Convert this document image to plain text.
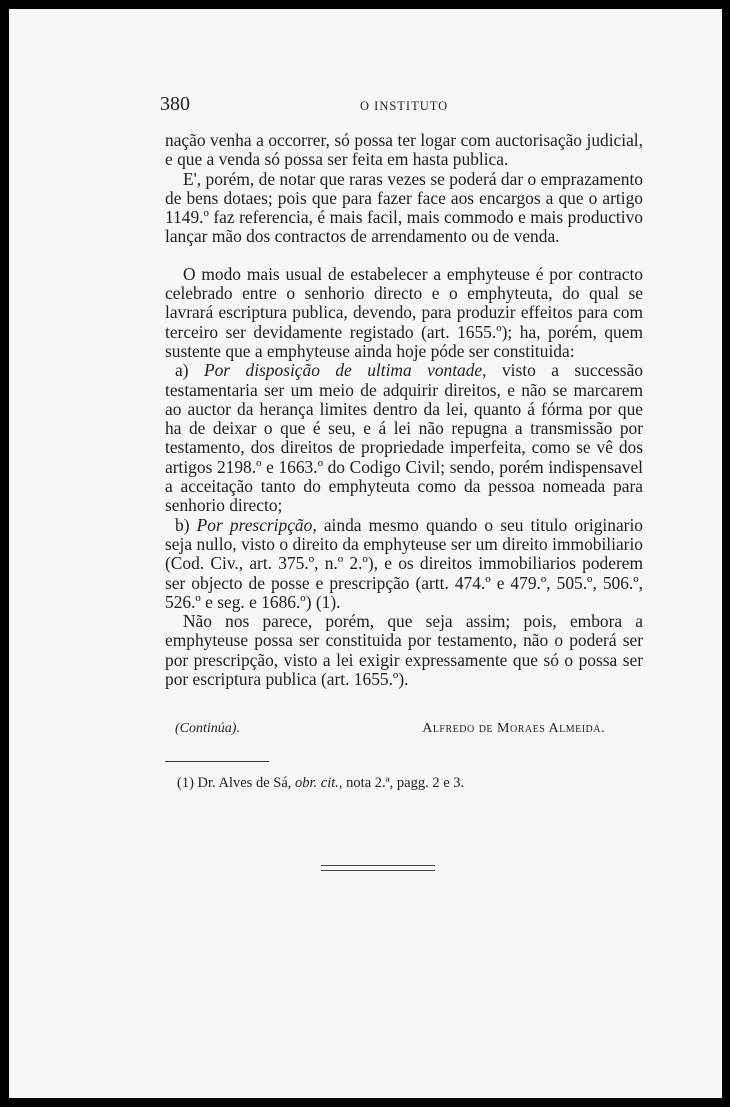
380	O INSTITUTO

nação venha a occorrer, só possa ter logar com auctorisação judicial, e que a venda só possa ser feita em hasta publica.

E', porém, de notar que raras vezes se poderá dar o emprazamento de bens dotaes; pois que para fazer face aos encargos a que o artigo 1149.º faz referencia, é mais facil, mais commodo e mais productivo lançar mão dos contractos de arrendamento ou de venda.

O modo mais usual de estabelecer a emphyteuse é por contracto celebrado entre o senhorio directo e o emphyteuta, do qual se lavrará escriptura publica, devendo, para produzir effeitos para com terceiro ser devidamente registado (art. 1655.º); ha, porém, quem sustente que a emphyteuse ainda hoje póde ser constituida:

a) Por disposição de ultima vontade, visto a successão testamentaria ser um meio de adquirir direitos, e não se marcarem ao auctor da herança limites dentro da lei, quanto á fórma por que ha de deixar o que é seu, e á lei não repugna a transmissão por testamento, dos direitos de propriedade imperfeita, como se vê dos artigos 2198.º e 1663.º do Codigo Civil; sendo, porém indispensavel a acceitação tanto do emphyteuta como da pessoa nomeada para senhorio directo;

b) Por prescripção, ainda mesmo quando o seu titulo originario seja nullo, visto o direito da emphyteuse ser um direito immobiliario (Cod. Civ., art. 375.º, n.º 2.º), e os direitos immobiliarios poderem ser objecto de posse e prescripção (artt. 474.º e 479.º, 505.º, 506.º, 526.º e seg. e 1686.º) (1).

Não nos parece, porém, que seja assim; pois, embora a emphyteuse possa ser constituida por testamento, não o poderá ser por prescripção, visto a lei exigir expressamente que só o possa ser por escriptura publica (art. 1655.º).

(Continúa).	Alfredo de Moraes Almeida.
(1) Dr. Alves de Sá, obr. cit., nota 2.ª, pagg. 2 e 3.
